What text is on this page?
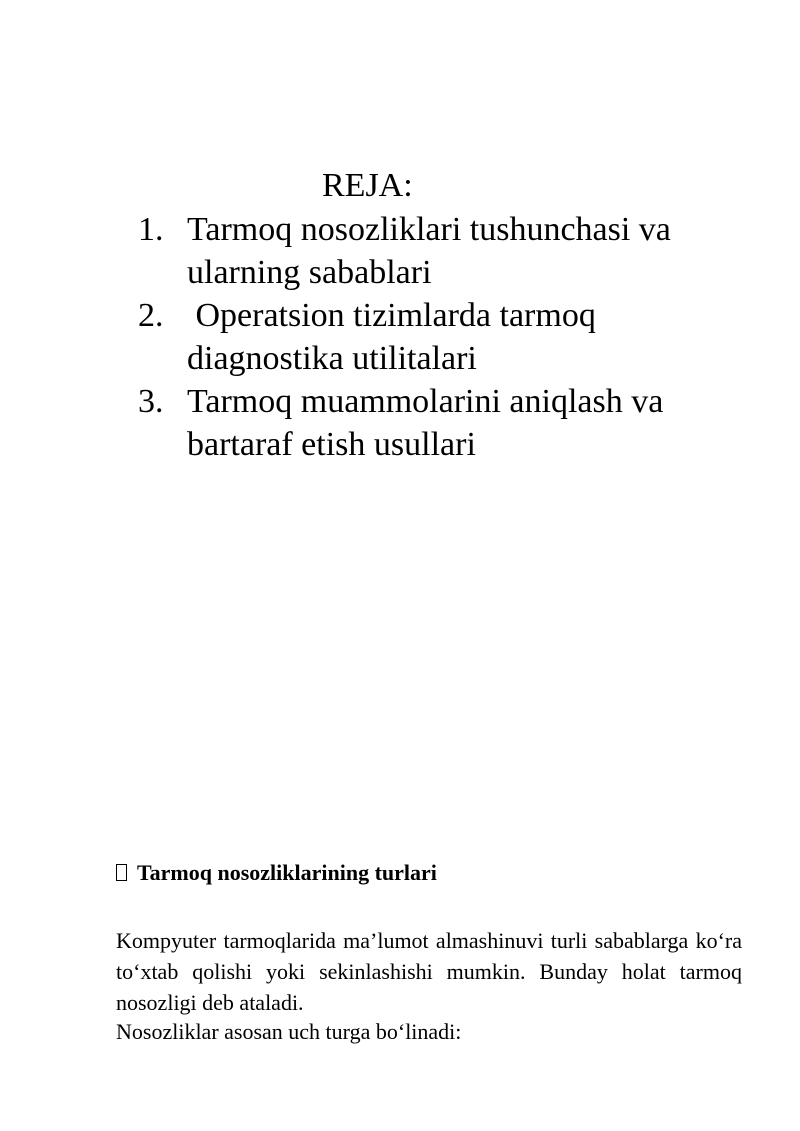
REJA:
1. Tarmoq nosozliklari tushunchasi va ularning sabablari
2. Operatsion tizimlarda tarmoq diagnostika utilitalari
3. Tarmoq muammolarini aniqlash va bartaraf etish usullari
Tarmoq nosozliklarining turlari

Kompyuter tarmoqlarida ma’lumot almashinuvi turli sabablarga ko‘ra to‘xtab qolishi yoki sekinlashishi mumkin. Bunday holat tarmoq nosozligi deb ataladi.

Nosozliklar asosan uch turga bo‘linadi:
